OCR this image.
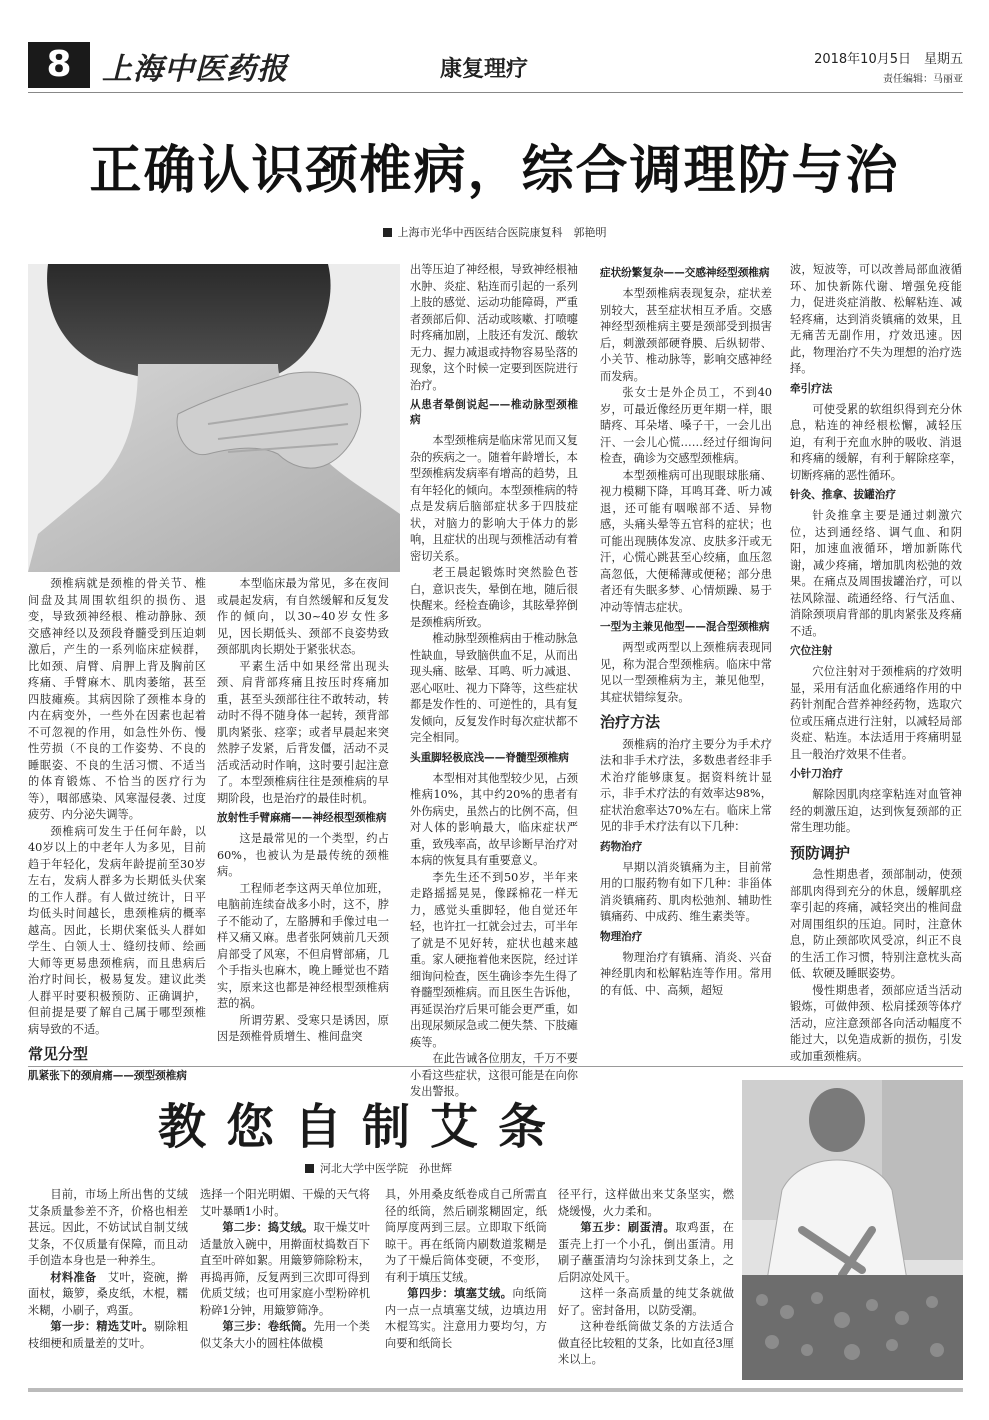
8	上海中医药报	康复理疗	2018年10月5日　星期五
责任编辑：马丽亚
正确认识颈椎病，综合调理防与治
上海市光华中西医结合医院康复科　郭艳明

颈椎病就是颈椎的骨关节、椎间盘及其周围软组织的损伤、退变，导致颈神经根、椎动静脉、颈交感神经以及颈段脊髓受到压迫刺激后，产生的一系列临床症候群，比如颈、肩臂、肩胛上背及胸前区疼痛、手臂麻木、肌肉萎缩，甚至四肢瘫痪。其病因除了颈椎本身的内在病变外，一些外在因素也起着不可忽视的作用，如急性外伤、慢性劳损（不良的工作姿势、不良的睡眠姿、不良的生活习惯、不适当的体育锻炼、不恰当的医疗行为等），咽部感染、风寒湿侵袭、过度疲劳、内分泌失调等。

颈椎病可发生于任何年龄，以40岁以上的中老年人为多见，目前趋于年轻化，发病年龄提前至30岁左右，发病人群多为长期低头伏案的工作人群。有人做过统计，日平均低头时间越长，患颈椎病的概率越高。因此，长期伏案低头人群如学生、白领人士、缝纫技师、绘画大师等更易患颈椎病，而且患病后治疗时间长，极易复发。建议此类人群平时要积极预防、正确调护，但前提是要了解自己属于哪型颈椎病导致的不适。

常见分型
肌紧张下的颈肩痛——颈型颈椎病

本型临床最为常见，多在夜间或晨起发病，有自然缓解和反复发作的倾向，以30~40岁女性多见，因长期低头、颈部不良姿势致颈部肌肉长期处于紧张状态。

平素生活中如果经常出现头颈、肩背部疼痛且按压时疼痛加重，甚至头颈部往往不敢转动，转动时不得不随身体一起转，颈背部肌肉紧张、痉挛；或者早晨起来突然脖子发紧，后背发僵，活动不灵活或活动时作响，这时要引起注意了。本型颈椎病往往是颈椎病的早期阶段，也是治疗的最佳时机。

放射性手臂麻痛——神经根型颈椎病

这是最常见的一个类型，约占60%，也被认为是最传统的颈椎病。

工程师老李这两天单位加班，电脑前连续奋战多小时，这不，脖子不能动了，左胳膊和手像过电一样又痛又麻。患者张阿姨前几天颈肩部受了风寒，不但肩臂部痛，几个手指头也麻木，晚上睡觉也不踏实，原来这也都是神经根型颈椎病惹的祸。

所谓劳累、受寒只是诱因，原因是颈椎骨质增生、椎间盘突

出等压迫了神经根，导致神经根袖水肿、炎症、粘连而引起的一系列上肢的感觉、运动功能障碍，严重者颈部后仰、活动或咳嗽、打喷嚏时疼痛加剧，上肢还有发沉、酸软无力、握力减退或持物容易坠落的现象，这个时候一定要到医院进行治疗。

从患者晕倒说起——椎动脉型颈椎病

本型颈椎病是临床常见而又复杂的疾病之一。随着年龄增长，本型颈椎病发病率有增高的趋势，且有年轻化的倾向。本型颈椎病的特点是发病后脑部症状多于四肢症状，对脑力的影响大于体力的影响，且症状的出现与颈椎活动有着密切关系。

老王晨起锻炼时突然脸色苍白，意识丧失，晕倒在地，随后很快醒来。经检查确诊，其眩晕猝倒是颈椎病所致。

椎动脉型颈椎病由于椎动脉急性缺血，导致脑供血不足，从而出现头痛、眩晕、耳鸣、听力减退、恶心呕吐、视力下降等，这些症状都是发作性的、可逆性的，具有复发倾向，反复发作时每次症状都不完全相同。

头重脚轻极底浅——脊髓型颈椎病

本型相对其他型较少见，占颈椎病10%，其中约20%的患者有外伤病史，虽然占的比例不高，但对人体的影响最大，临床症状严重，致残率高，故早诊断早治疗对本病的恢复具有重要意义。

李先生还不到50岁，半年来走路摇摇晃晃，像踩棉花一样无力，感觉头重脚轻，他自觉还年轻，也许扛一扛就会过去，可半年了就是不见好转，症状也越来越重。家人硬拖着他来医院，经过详细询问检查，医生确诊李先生得了脊髓型颈椎病。而且医生告诉他，再延误治疗后果可能会更严重，如出现尿频尿急或二便失禁、下肢瘫痪等。

在此告诫各位朋友，千万不要小看这些症状，这很可能是在向你发出警报。

症状纷繁复杂——交感神经型颈椎病

本型颈椎病表现复杂，症状差别较大，甚至症状相互矛盾。交感神经型颈椎病主要是颈部受到损害后，刺激颈部硬脊膜、后纵韧带、小关节、椎动脉等，影响交感神经而发病。

张女士是外企员工，不到40岁，可最近像经历更年期一样，眼睛疼、耳朵堵、嗓子干，一会儿出汗、一会儿心慌……经过仔细询问检查，确诊为交感型颈椎病。

本型颈椎病可出现眼球胀痛、视力模糊下降，耳鸣耳聋、听力减退，还可能有咽喉部不适、异物感，头痛头晕等五官科的症状；也可能出现胰体发凉、皮肤多汗或无汗，心慌心跳甚至心绞痛，血压忽高忽低，大便稀薄或便秘；部分患者还有失眠多梦、心情烦躁、易于冲动等情志症状。

一型为主兼见他型——混合型颈椎病

两型或两型以上颈椎病表现同见，称为混合型颈椎病。临床中常见以一型颈椎病为主，兼见他型，其症状错综复杂。

治疗方法

颈椎病的治疗主要分为手术疗法和非手术疗法，多数患者经非手术治疗能够康复。据资料统计显示，非手术疗法的有效率达98%，症状治愈率达70%左右。临床上常见的非手术疗法有以下几种：

药物治疗

早期以消炎镇痛为主，目前常用的口服药物有如下几种：非甾体消炎镇痛药、肌肉松弛剂、辅助性镇痛药、中成药、维生素类等。

物理治疗

物理治疗有镇痛、消炎、兴奋神经肌肉和松解粘连等作用。常用的有低、中、高频，超短

波，短波等，可以改善局部血液循环、加快新陈代谢、增强免疫能力，促进炎症消散、松解粘连、减轻疼痛，达到消炎镇痛的效果，且无痛苦无副作用，疗效迅速。因此，物理治疗不失为理想的治疗选择。

牵引疗法

可使受累的软组织得到充分休息，粘连的神经根松懈，减轻压迫，有利于充血水肿的吸收、消退和疼痛的缓解，有利于解除痉挛，切断疼痛的恶性循环。

针灸、推拿、拔罐治疗

针灸推拿主要是通过刺激穴位，达到通经络、调气血、和阴阳，加速血液循环，增加新陈代谢，减少疼痛，增加肌肉松弛的效果。在痛点及周围拔罐治疗，可以祛风除湿、疏通经络、行气活血、消除颈项肩背部的肌肉紧张及疼痛不适。

穴位注射

穴位注射对于颈椎病的疗效明显，采用有活血化瘀通络作用的中药针剂配合营养神经药物，选取穴位或压痛点进行注射，以减轻局部炎症、粘连。本法适用于疼痛明显且一般治疗效果不佳者。

小针刀治疗

解除因肌肉痉挛粘连对血管神经的刺激压迫，达到恢复颈部的正常生理功能。

预防调护

急性期患者，颈部制动，使颈部肌肉得到充分的休息，缓解肌痉挛引起的疼痛，减轻突出的椎间盘对周围组织的压迫。同时，注意休息，防止颈部吹风受凉，纠正不良的生活工作习惯，特别注意枕头高低、软硬及睡眠姿势。

慢性期患者，颈部应适当活动锻炼，可做伸颈、松肩揉颈等体疗活动，应注意颈部各向活动幅度不能过大，以免造成新的损伤，引发或加重颈椎病。

教您自制艾条
河北大学中医学院　孙世辉

目前，市场上所出售的艾绒艾条质量参差不齐，价格也相差甚远。因此，不妨试试自制艾绒艾条，不仅质量有保障，而且动手创造本身也是一种养生。

材料准备　 艾叶，瓷碗，擀面杖，簸箩，桑皮纸，木棍，糯米糊，小刷子，鸡蛋。

第一步：精选艾叶。剔除粗枝细梗和质量差的艾叶。

选择一个阳光明媚、干燥的天气将艾叶暴晒1小时。

第二步：捣艾绒。取干燥艾叶适量放入碗中，用擀面杖捣数百下直至叶碎如絮。用簸箩筛除粉末，再捣再筛，反复两到三次即可得到优质艾绒；也可用家庭小型粉碎机粉碎1分钟，用簸箩筛净。

第三步：卷纸筒。先用一个类似艾条大小的圆柱体做模

具，外用桑皮纸卷成自己所需直径的纸筒，然后刷浆糊固定，纸筒厚度两到三层。立即取下纸筒晾干。再在纸筒内刷数道浆糊是为了干燥后筒体变硬，不变形，有利于填压艾绒。

第四步：填塞艾绒。向纸筒内一点一点填塞艾绒，边填边用木棍笃实。注意用力要均匀，方向要和纸筒长

径平行，这样做出来艾条坚实，燃烧缓慢，火力柔和。

第五步：刷蛋清。取鸡蛋，在蛋壳上打一个小孔，倒出蛋清。用刷子蘸蛋清均匀涂抹到艾条上，之后阴凉处风干。

这样一条高质量的纯艾条就做好了。密封备用，以防受潮。

这种卷纸筒做艾条的方法适合做直径比较粗的艾条，比如直径3厘米以上。
